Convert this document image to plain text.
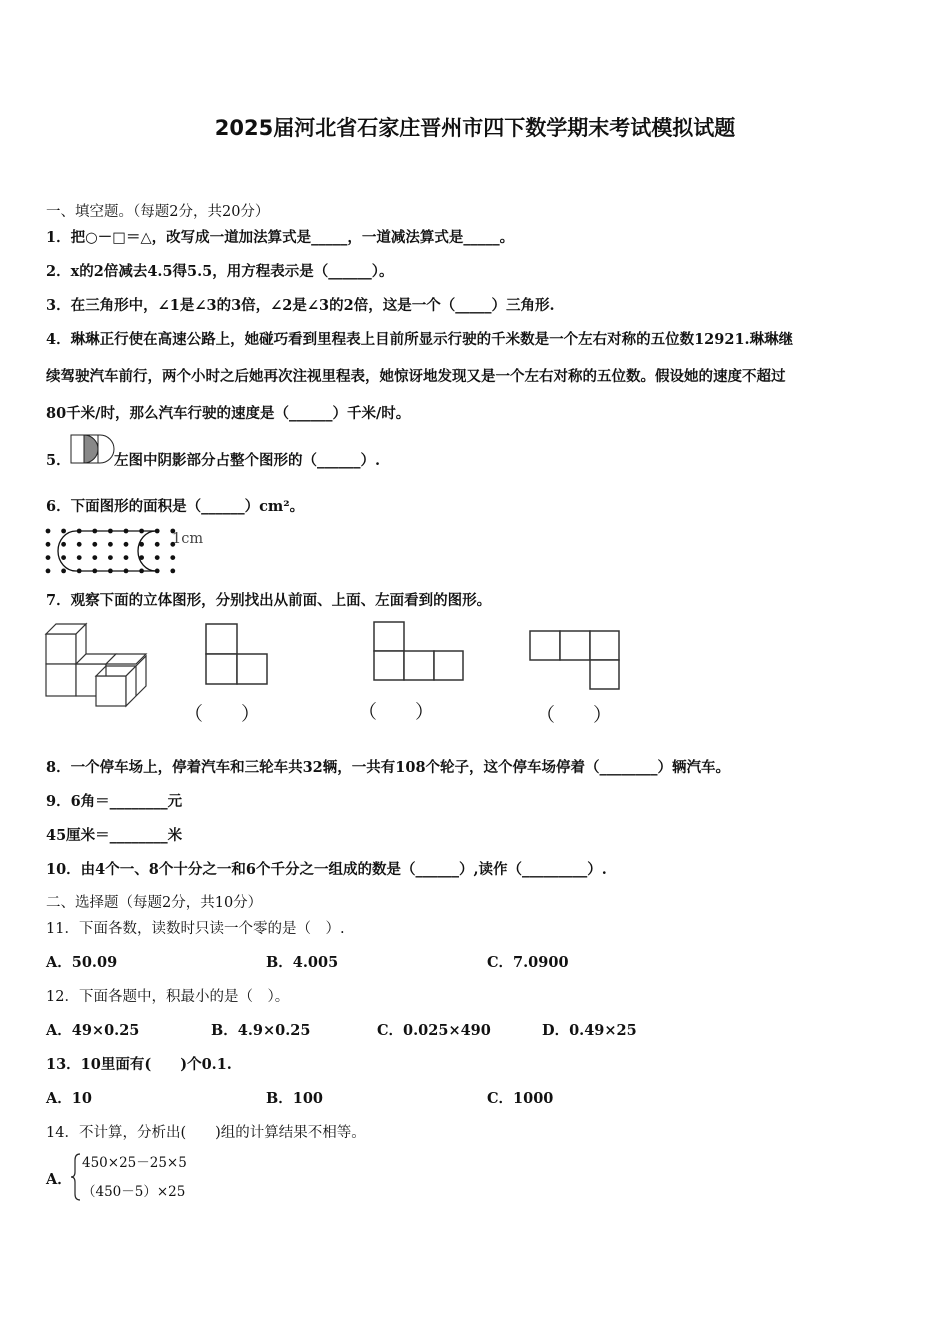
2025届河北省石家庄晋州市四下数学期末考试模拟试题
一、填空题。（每题2分，共20分）
1．把○－□＝△，改写成一道加法算式是_____，一道减法算式是_____。
2．x的2倍减去4.5得5.5，用方程表示是（______）。
3．在三角形中，∠1是∠3的3倍，∠2是∠3的2倍，这是一个（_____）三角形.
4．琳琳正行使在高速公路上，她碰巧看到里程表上目前所显示行驶的千米数是一个左右对称的五位数12921.琳琳继
续驾驶汽车前行，两个小时之后她再次注视里程表，她惊讶地发现又是一个左右对称的五位数。假设她的速度不超过
80千米/时，那么汽车行驶的速度是（______）千米/时。
5．	左图中阴影部分占整个图形的（______）.
6．下面图形的面积是（______）cm²。
1cm
7．观察下面的立体图形，分别找出从前面、上面、左面看到的图形。
（　　）	（　　）	（　　）
8．一个停车场上，停着汽车和三轮车共32辆，一共有108个轮子，这个停车场停着（________）辆汽车。
9．6角＝________元
45厘米＝________米
10．由4个一、8个十分之一和6个千分之一组成的数是（______）,读作（_________）.
二、选择题（每题2分，共10分）
11．下面各数，读数时只读一个零的是（　）.
A．50.09	B．4.005	C．7.0900
12．下面各题中，积最小的是（　）。
A．49×0.25	B．4.9×0.25	C．0.025×490	D．0.49×25
13．10里面有(　　)个0.1.
A．10	B．100	C．1000
14．不计算，分析出(　　)组的计算结果不相等。
A．
450×25－25×5
（450－5）×25
